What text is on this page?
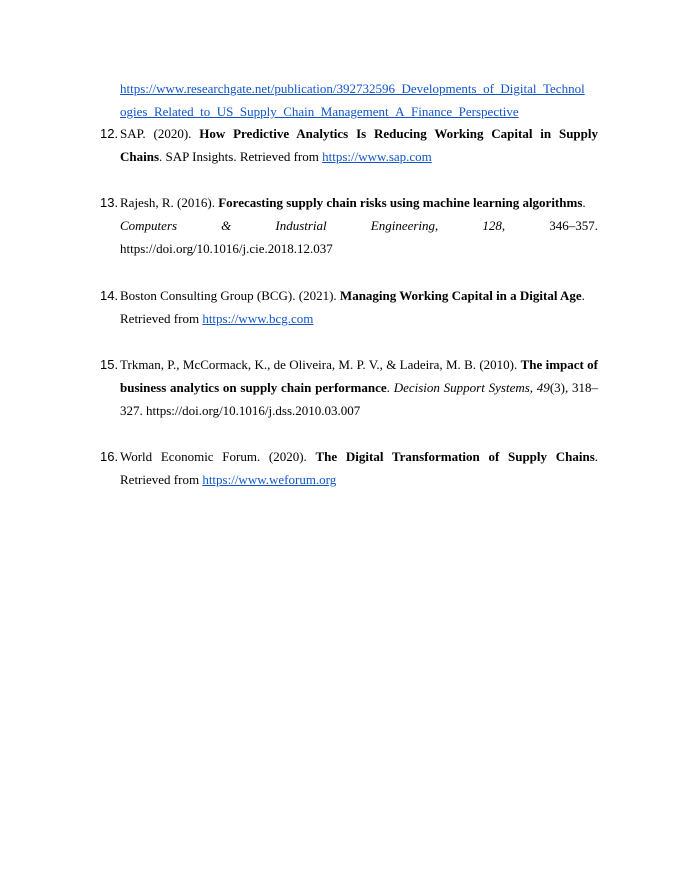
https://www.researchgate.net/publication/392732596_Developments_of_Digital_Technol
ogies_Related_to_US_Supply_Chain_Management_A_Finance_Perspective
12. SAP. (2020). How Predictive Analytics Is Reducing Working Capital in Supply
Chains. SAP Insights. Retrieved from https://www.sap.com
13. Rajesh, R. (2016). Forecasting supply chain risks using machine learning algorithms.
Computers	&	Industrial	Engineering,	128,	346–357.
https://doi.org/10.1016/j.cie.2018.12.037
14. Boston Consulting Group (BCG). (2021). Managing Working Capital in a Digital Age.
Retrieved from https://www.bcg.com
15. Trkman, P., McCormack, K., de Oliveira, M. P. V., & Ladeira, M. B. (2010). The impact of business analytics on supply chain performance. Decision Support Systems, 49(3), 318–327. https://doi.org/10.1016/j.dss.2010.03.007
16. World Economic Forum. (2020). The Digital Transformation of Supply Chains.
Retrieved from https://www.weforum.org
